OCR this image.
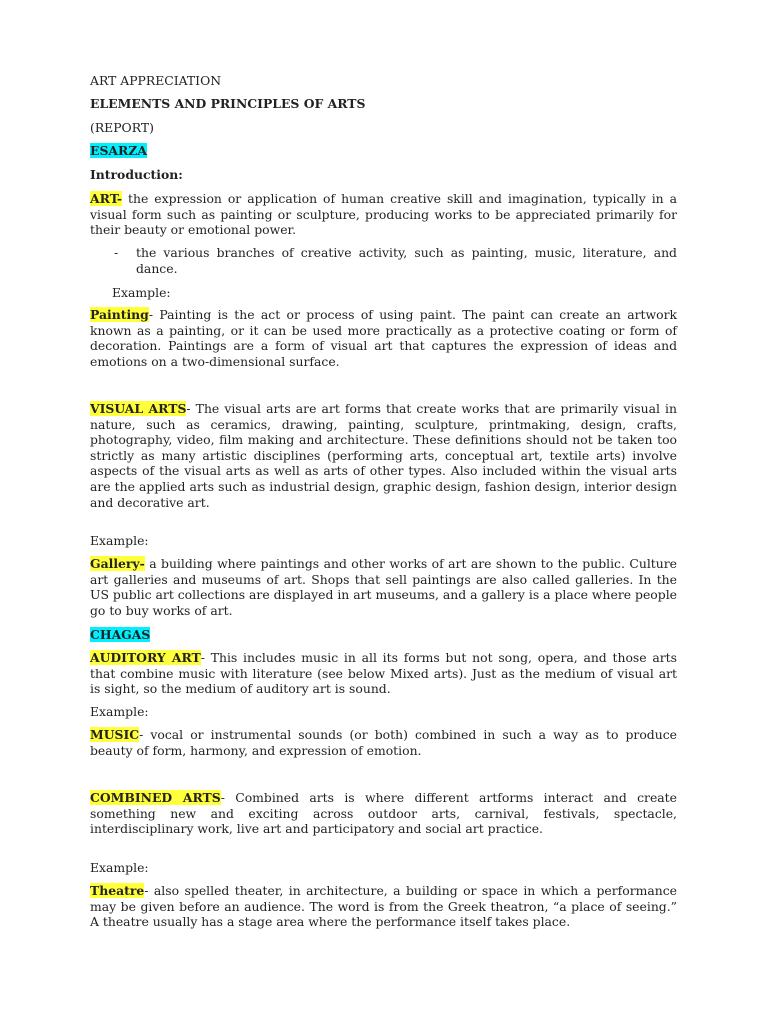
ART APPRECIATION

ELEMENTS AND PRINCIPLES OF ARTS

(REPORT)

ESARZA

Introduction:

ART- the expression or application of human creative skill and imagination, typically in a visual form such as painting or sculpture, producing works to be appreciated primarily for their beauty or emotional power.

- the various branches of creative activity, such as painting, music, literature, and dance.

Example:

Painting- Painting is the act or process of using paint. The paint can create an artwork known as a painting, or it can be used more practically as a protective coating or form of decoration. Paintings are a form of visual art that captures the expression of ideas and emotions on a two-dimensional surface.

VISUAL ARTS- The visual arts are art forms that create works that are primarily visual in nature, such as ceramics, drawing, painting, sculpture, printmaking, design, crafts, photography, video, film making and architecture. These definitions should not be taken too strictly as many artistic disciplines (performing arts, conceptual art, textile arts) involve aspects of the visual arts as well as arts of other types. Also included within the visual arts are the applied arts such as industrial design, graphic design, fashion design, interior design and decorative art.

Example:

Gallery- a building where paintings and other works of art are shown to the public. Culture art galleries and museums of art. Shops that sell paintings are also called galleries. In the US public art collections are displayed in art museums, and a gallery is a place where people go to buy works of art.

CHAGAS

AUDITORY ART- This includes music in all its forms but not song, opera, and those arts that combine music with literature (see below Mixed arts). Just as the medium of visual art is sight, so the medium of auditory art is sound.

Example:

MUSIC- vocal or instrumental sounds (or both) combined in such a way as to produce beauty of form, harmony, and expression of emotion.

COMBINED ARTS- Combined arts is where different artforms interact and create something new and exciting across outdoor arts, carnival, festivals, spectacle, interdisciplinary work, live art and participatory and social art practice.

Example:

Theatre- also spelled theater, in architecture, a building or space in which a performance may be given before an audience. The word is from the Greek theatron, “a place of seeing.” A theatre usually has a stage area where the performance itself takes place.
